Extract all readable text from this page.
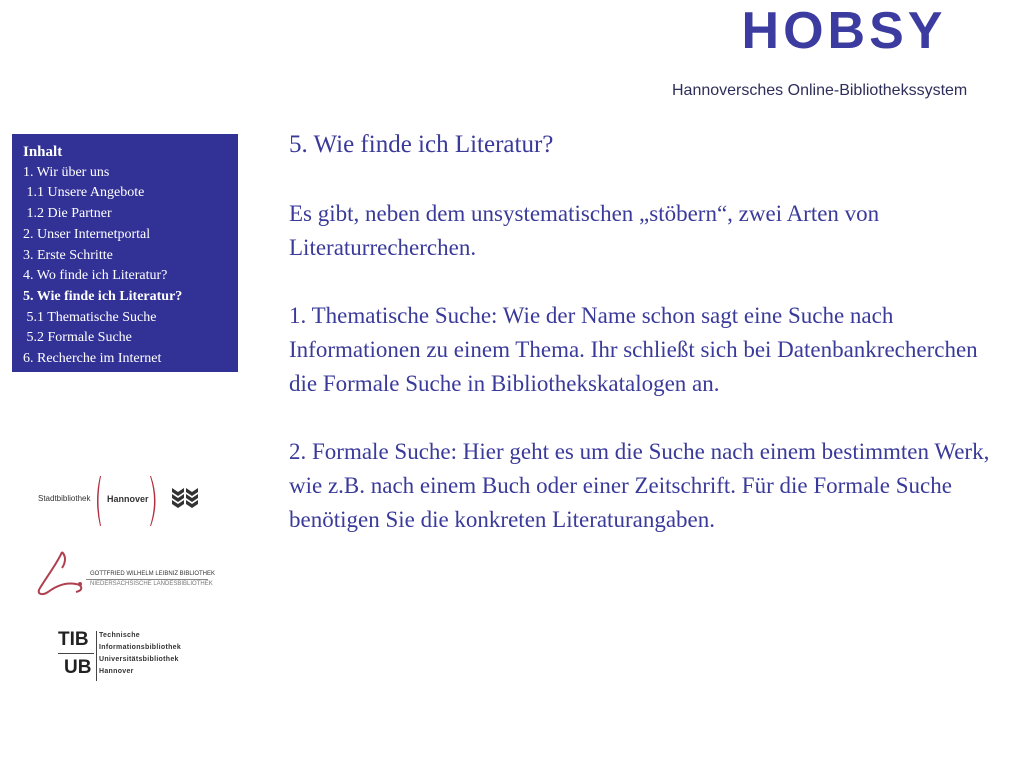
HOBSY
Hannoversches Online-Bibliothekssystem
Inhalt
1. Wir über uns
1.1 Unsere Angebote
1.2 Die Partner
2. Unser Internetportal
3. Erste Schritte
4. Wo finde ich Literatur?
5. Wie finde ich Literatur?
5.1 Thematische Suche
5.2 Formale Suche
6. Recherche im Internet
Stadtbibliothek Hannover
GOTTFRIED WILHELM LEIBNIZ BIBLIOTHEK
NIEDERSÄCHSISCHE LANDESBIBLIOTHEK
TIB
UB
Technische
Informationsbibliothek
Universitätsbibliothek
Hannover
5. Wie finde ich Literatur?

Es gibt, neben dem unsystematischen „stöbern“, zwei Arten von Literaturrecherchen.

1. Thematische Suche: Wie der Name schon sagt eine Suche nach Informationen zu einem Thema. Ihr schließt sich bei Datenbankrecherchen die Formale Suche in Bibliothekskatalogen an.

2. Formale Suche: Hier geht es um die Suche nach einem bestimmten Werk, wie z.B. nach einem Buch oder einer Zeitschrift. Für die Formale Suche benötigen Sie die konkreten Literaturangaben.
